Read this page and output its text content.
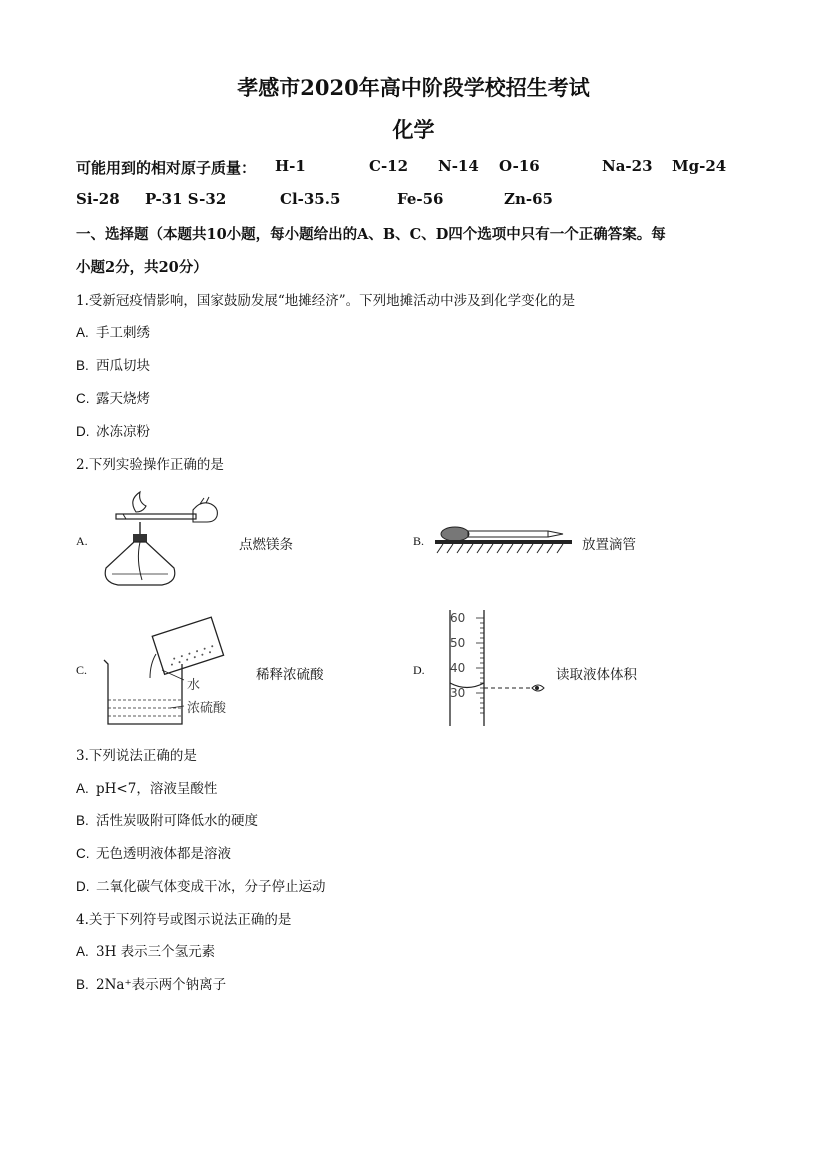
孝感市2020年高中阶段学校招生考试
化学
可能用到的相对原子质量： H-1	C-12 N-14 O-16	Na-23 Mg-24
Si-28 P-31 S-32	Cl-35.5	Fe-56	Zn-65
一、选择题（本题共10小题，每小题给出的A、B、C、D四个选项中只有一个正确答案。每
小题2分，共20分）
1.受新冠疫情影响，国家鼓励发展“地摊经济”。下列地摊活动中涉及到化学变化的是
A. 手工刺绣
B. 西瓜切块
C. 露天烧烤
D. 冰冻凉粉
2.下列实验操作正确的是
A.	点燃镁条	B.	放置滴管
C.
水
浓硫酸
稀释浓硫酸	D.
60
50
40
30
读取液体体积
3.下列说法正确的是
A. pH<7，溶液呈酸性
B. 活性炭吸附可降低水的硬度
C. 无色透明液体都是溶液
D. 二氧化碳气体变成干冰，分子停止运动
4.关于下列符号或图示说法正确的是
A. 3H 表示三个氢元素
B. 2Na⁺表示两个钠离子
